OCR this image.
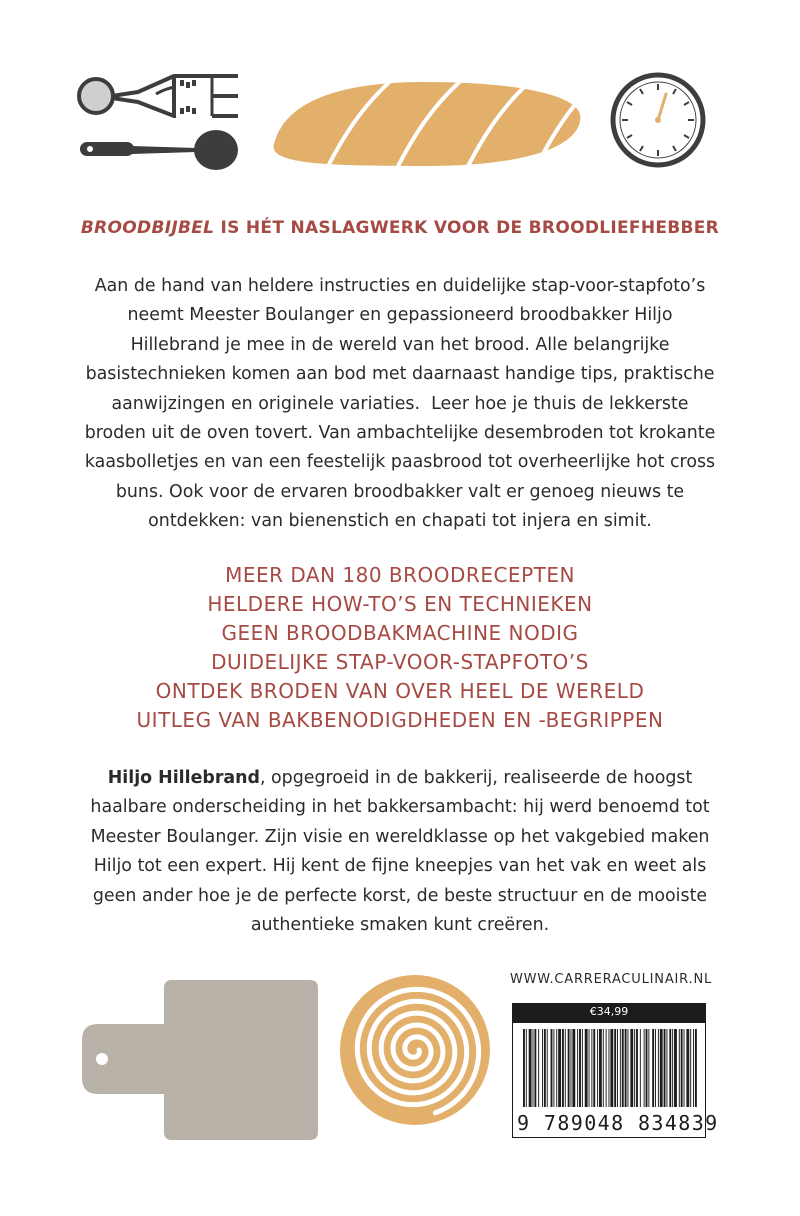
BROODBIJBEL IS HÉT NASLAGWERK VOOR DE BROODLIEFHEBBER

Aan de hand van heldere instructies en duidelijke stap-voor-stapfoto’s
neemt Meester Boulanger en gepassioneerd broodbakker Hiljo
Hillebrand je mee in de wereld van het brood. Alle belangrijke
basistechnieken komen aan bod met daarnaast handige tips, praktische
aanwijzingen en originele variaties.  Leer hoe je thuis de lekkerste
broden uit de oven tovert. Van ambachtelijke desembroden tot krokante
kaasbolletjes en van een feestelijk paasbrood tot overheerlijke hot cross
buns. Ook voor de ervaren broodbakker valt er genoeg nieuws te
ontdekken: van bienenstich en chapati tot injera en simit.

MEER DAN 180 BROODRECEPTEN
HELDERE HOW-TO’S EN TECHNIEKEN
GEEN BROODBAKMACHINE NODIG
DUIDELIJKE STAP-VOOR-STAPFOTO’S
ONTDEK BRODEN VAN OVER HEEL DE WERELD
UITLEG VAN BAKBENODIGDHEDEN EN -BEGRIPPEN

Hiljo Hillebrand, opgegroeid in de bakkerij, realiseerde de hoogst
haalbare onderscheiding in het bakkersambacht: hij werd benoemd tot
Meester Boulanger. Zijn visie en wereldklasse op het vakgebied maken
Hiljo tot een expert. Hij kent de fijne kneepjes van het vak en weet als
geen ander hoe je de perfecte korst, de beste structuur en de mooiste
authentieke smaken kunt creëren.

WWW.CARRERACULINAIR.NL
€34,99
9 789048 834839
